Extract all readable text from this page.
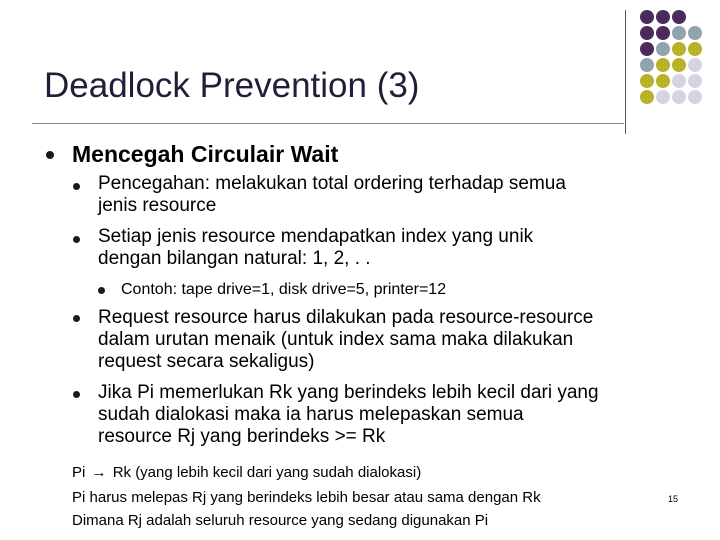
Deadlock Prevention (3)
Mencegah Circulair Wait
Pencegahan: melakukan total ordering terhadap semua
jenis resource
Setiap jenis resource mendapatkan index yang unik
dengan bilangan natural: 1, 2, . .
Contoh: tape drive=1, disk drive=5, printer=12
Request resource harus dilakukan pada resource-resource
dalam urutan menaik (untuk index sama maka dilakukan
request secara sekaligus)
Jika Pi memerlukan Rk yang berindeks lebih kecil dari yang
sudah dialokasi maka ia harus melepaskan semua
resource Rj yang berindeks >= Rk
Pi → Rk (yang lebih kecil dari yang sudah dialokasi)
Pi harus melepas Rj yang berindeks lebih besar atau sama dengan Rk
Dimana Rj adalah seluruh resource yang sedang digunakan Pi
15
